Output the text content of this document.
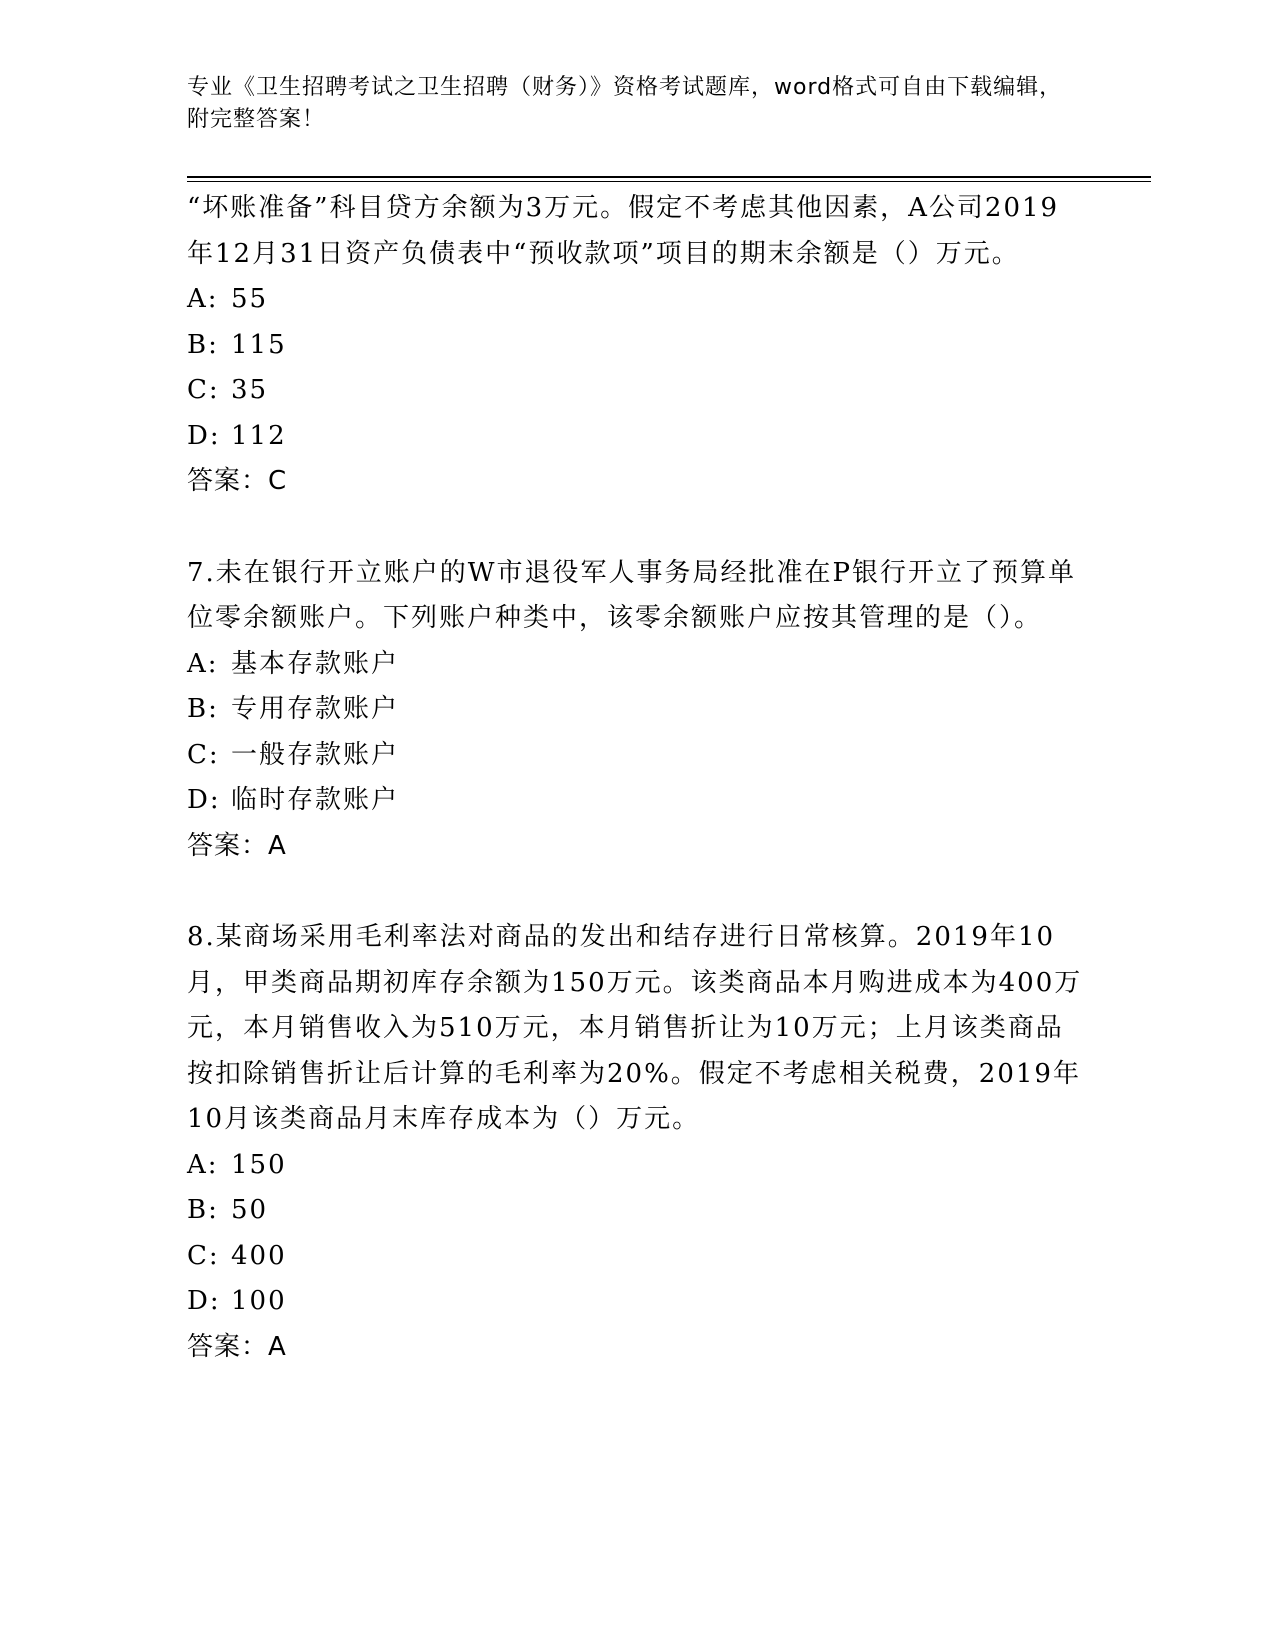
专业《卫生招聘考试之卫生招聘（财务）》资格考试题库，word格式可自由下载编辑，附完整答案！

“坏账准备”科目贷方余额为3万元。假定不考虑其他因素，A公司2019年12月31日资产负债表中“预收款项”项目的期末余额是（）万元。

A: 55

B: 115

C: 35

D: 112

答案：C

7.未在银行开立账户的W市退役军人事务局经批准在P银行开立了预算单位零余额账户。下列账户种类中，该零余额账户应按其管理的是（）。

A: 基本存款账户

B: 专用存款账户

C: 一般存款账户

D: 临时存款账户

答案：A

8.某商场采用毛利率法对商品的发出和结存进行日常核算。2019年10月，甲类商品期初库存余额为150万元。该类商品本月购进成本为400万元，本月销售收入为510万元，本月销售折让为10万元；上月该类商品按扣除销售折让后计算的毛利率为20%。假定不考虑相关税费，2019年10月该类商品月末库存成本为（）万元。

A: 150

B: 50

C: 400

D: 100

答案：A
